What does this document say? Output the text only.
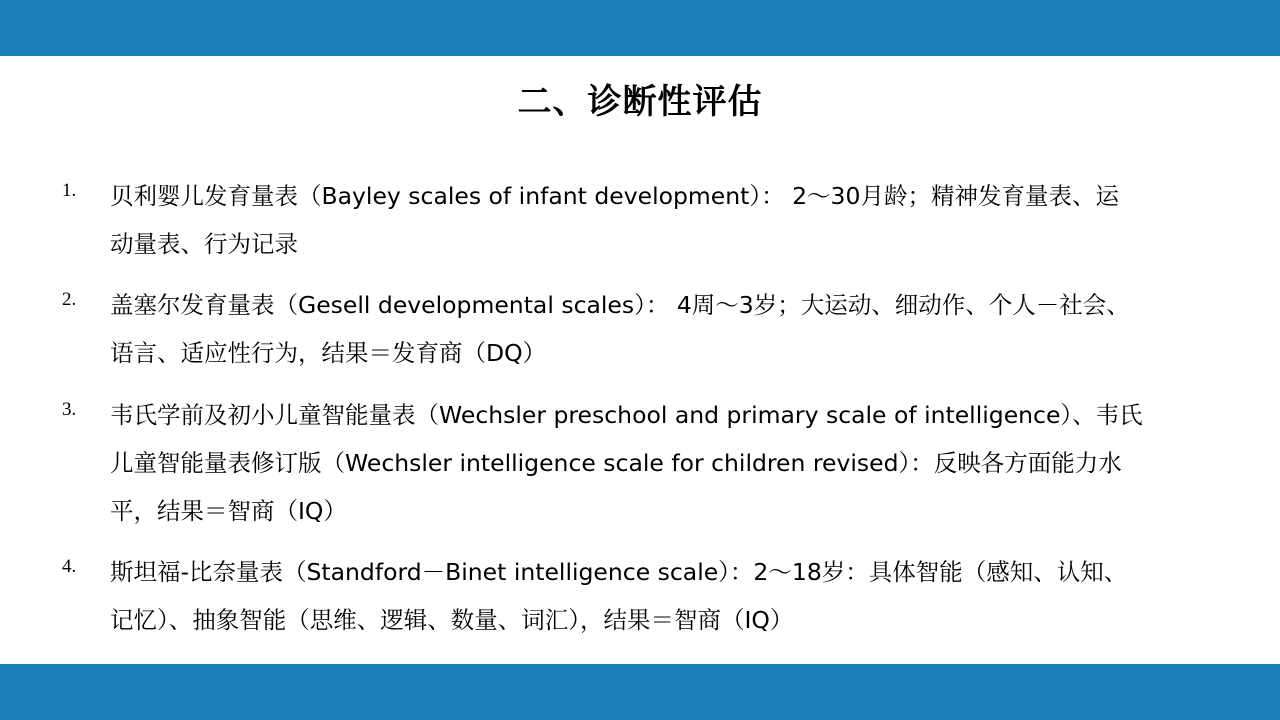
二、诊断性评估
1. 贝利婴儿发育量表（Bayley scales of infant development）： 2～30月龄；精神发育量表、运
动量表、行为记录
2. 盖塞尔发育量表（Gesell developmental scales）： 4周～3岁；大运动、细动作、个人－社会、
语言、适应性行为，结果＝发育商（DQ）
3. 韦氏学前及初小儿童智能量表（Wechsler preschool and primary scale of intelligence）、韦氏
儿童智能量表修订版（Wechsler intelligence scale for children revised）：反映各方面能力水
平，结果＝智商（IQ）
4. 斯坦福-比奈量表（Standford－Binet intelligence scale）：2～18岁：具体智能（感知、认知、
记忆）、抽象智能（思维、逻辑、数量、词汇），结果＝智商（IQ）
